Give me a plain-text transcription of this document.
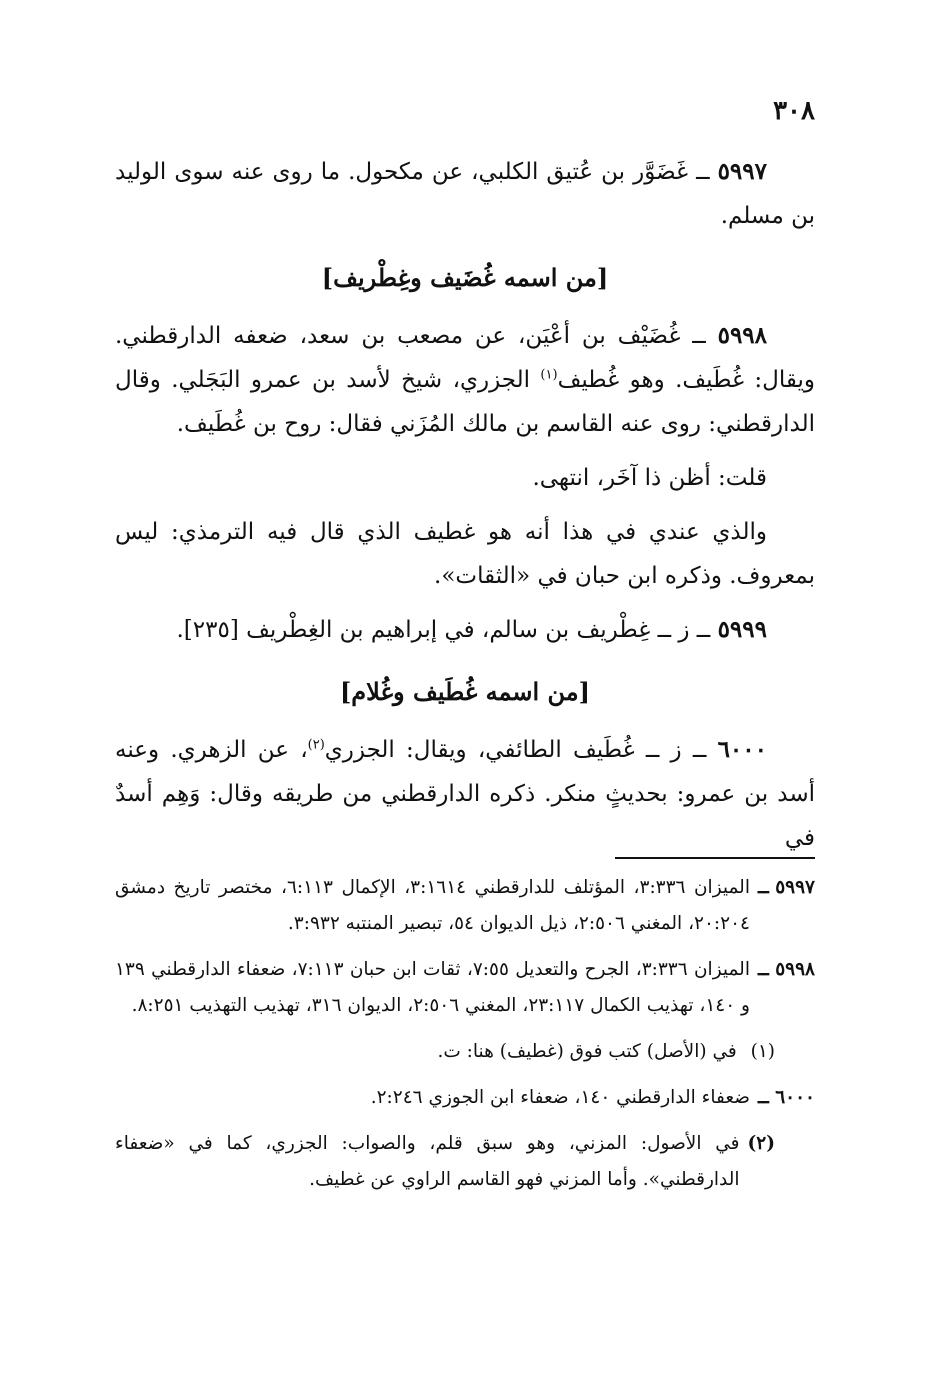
٣٠٨

٥٩٩٧ ــ غَضَوَّر بن عُتيق الكلبي، عن مكحول. ما روى عنه سوى الوليد بن مسلم.

[من اسمه غُضَيف وغِطْريف]

٥٩٩٨ ــ غُضَيْف بن أعْيَن، عن مصعب بن سعد، ضعفه الدارقطني. ويقال: غُطَيف. وهو غُطيف$^{(١)}$ الجزري، شيخ لأسد بن عمرو البَجَلي. وقال الدارقطني: روى عنه القاسم بن مالك المُزَني فقال: روح بن غُطَيف.

قلت: أظن ذا آخَر، انتهى.

والذي عندي في هذا أنه هو غطيف الذي قال فيه الترمذي: ليس بمعروف. وذكره ابن حبان في «الثقات».

٥٩٩٩ ــ ز ــ غِطْريف بن سالم، في إبراهيم بن الغِطْريف [٢٣٥].

[من اسمه غُطَيف وغُلام]

٦٠٠٠ ــ ز ــ غُطَيف الطائفي، ويقال: الجزري$^{(٢)}$، عن الزهري. وعنه أسد بن عمرو: بحديثٍ منكر. ذكره الدارقطني من طريقه وقال: وَهِم أسدٌ في

٥٩٩٧ ــ
الميزان ٣:٣٣٦، المؤتلف للدارقطني ٣:١٦١٤، الإكمال ٦:١١٣، مختصر تاريخ دمشق ٢٠:٢٠٤، المغني ٢:٥٠٦، ذيل الديوان ٥٤، تبصير المنتبه ٣:٩٣٢.
٥٩٩٨ ــ
الميزان ٣:٣٣٦، الجرح والتعديل ٧:٥٥، ثقات ابن حبان ٧:١١٣، ضعفاء الدارقطني ١٣٩ و ١٤٠، تهذيب الكمال ٢٣:١١٧، المغني ٢:٥٠٦، الديوان ٣١٦، تهذيب التهذيب ٨:٢٥١.
(١) في (الأصل) كتب فوق (غطيف) هنا: ت.
٦٠٠٠ ــ
ضعفاء الدارقطني ١٤٠، ضعفاء ابن الجوزي ٢:٢٤٦.
(٢)
في الأصول: المزني، وهو سبق قلم، والصواب: الجزري، كما في «ضعفاء الدارقطني». وأما المزني فهو القاسم الراوي عن غطيف.
